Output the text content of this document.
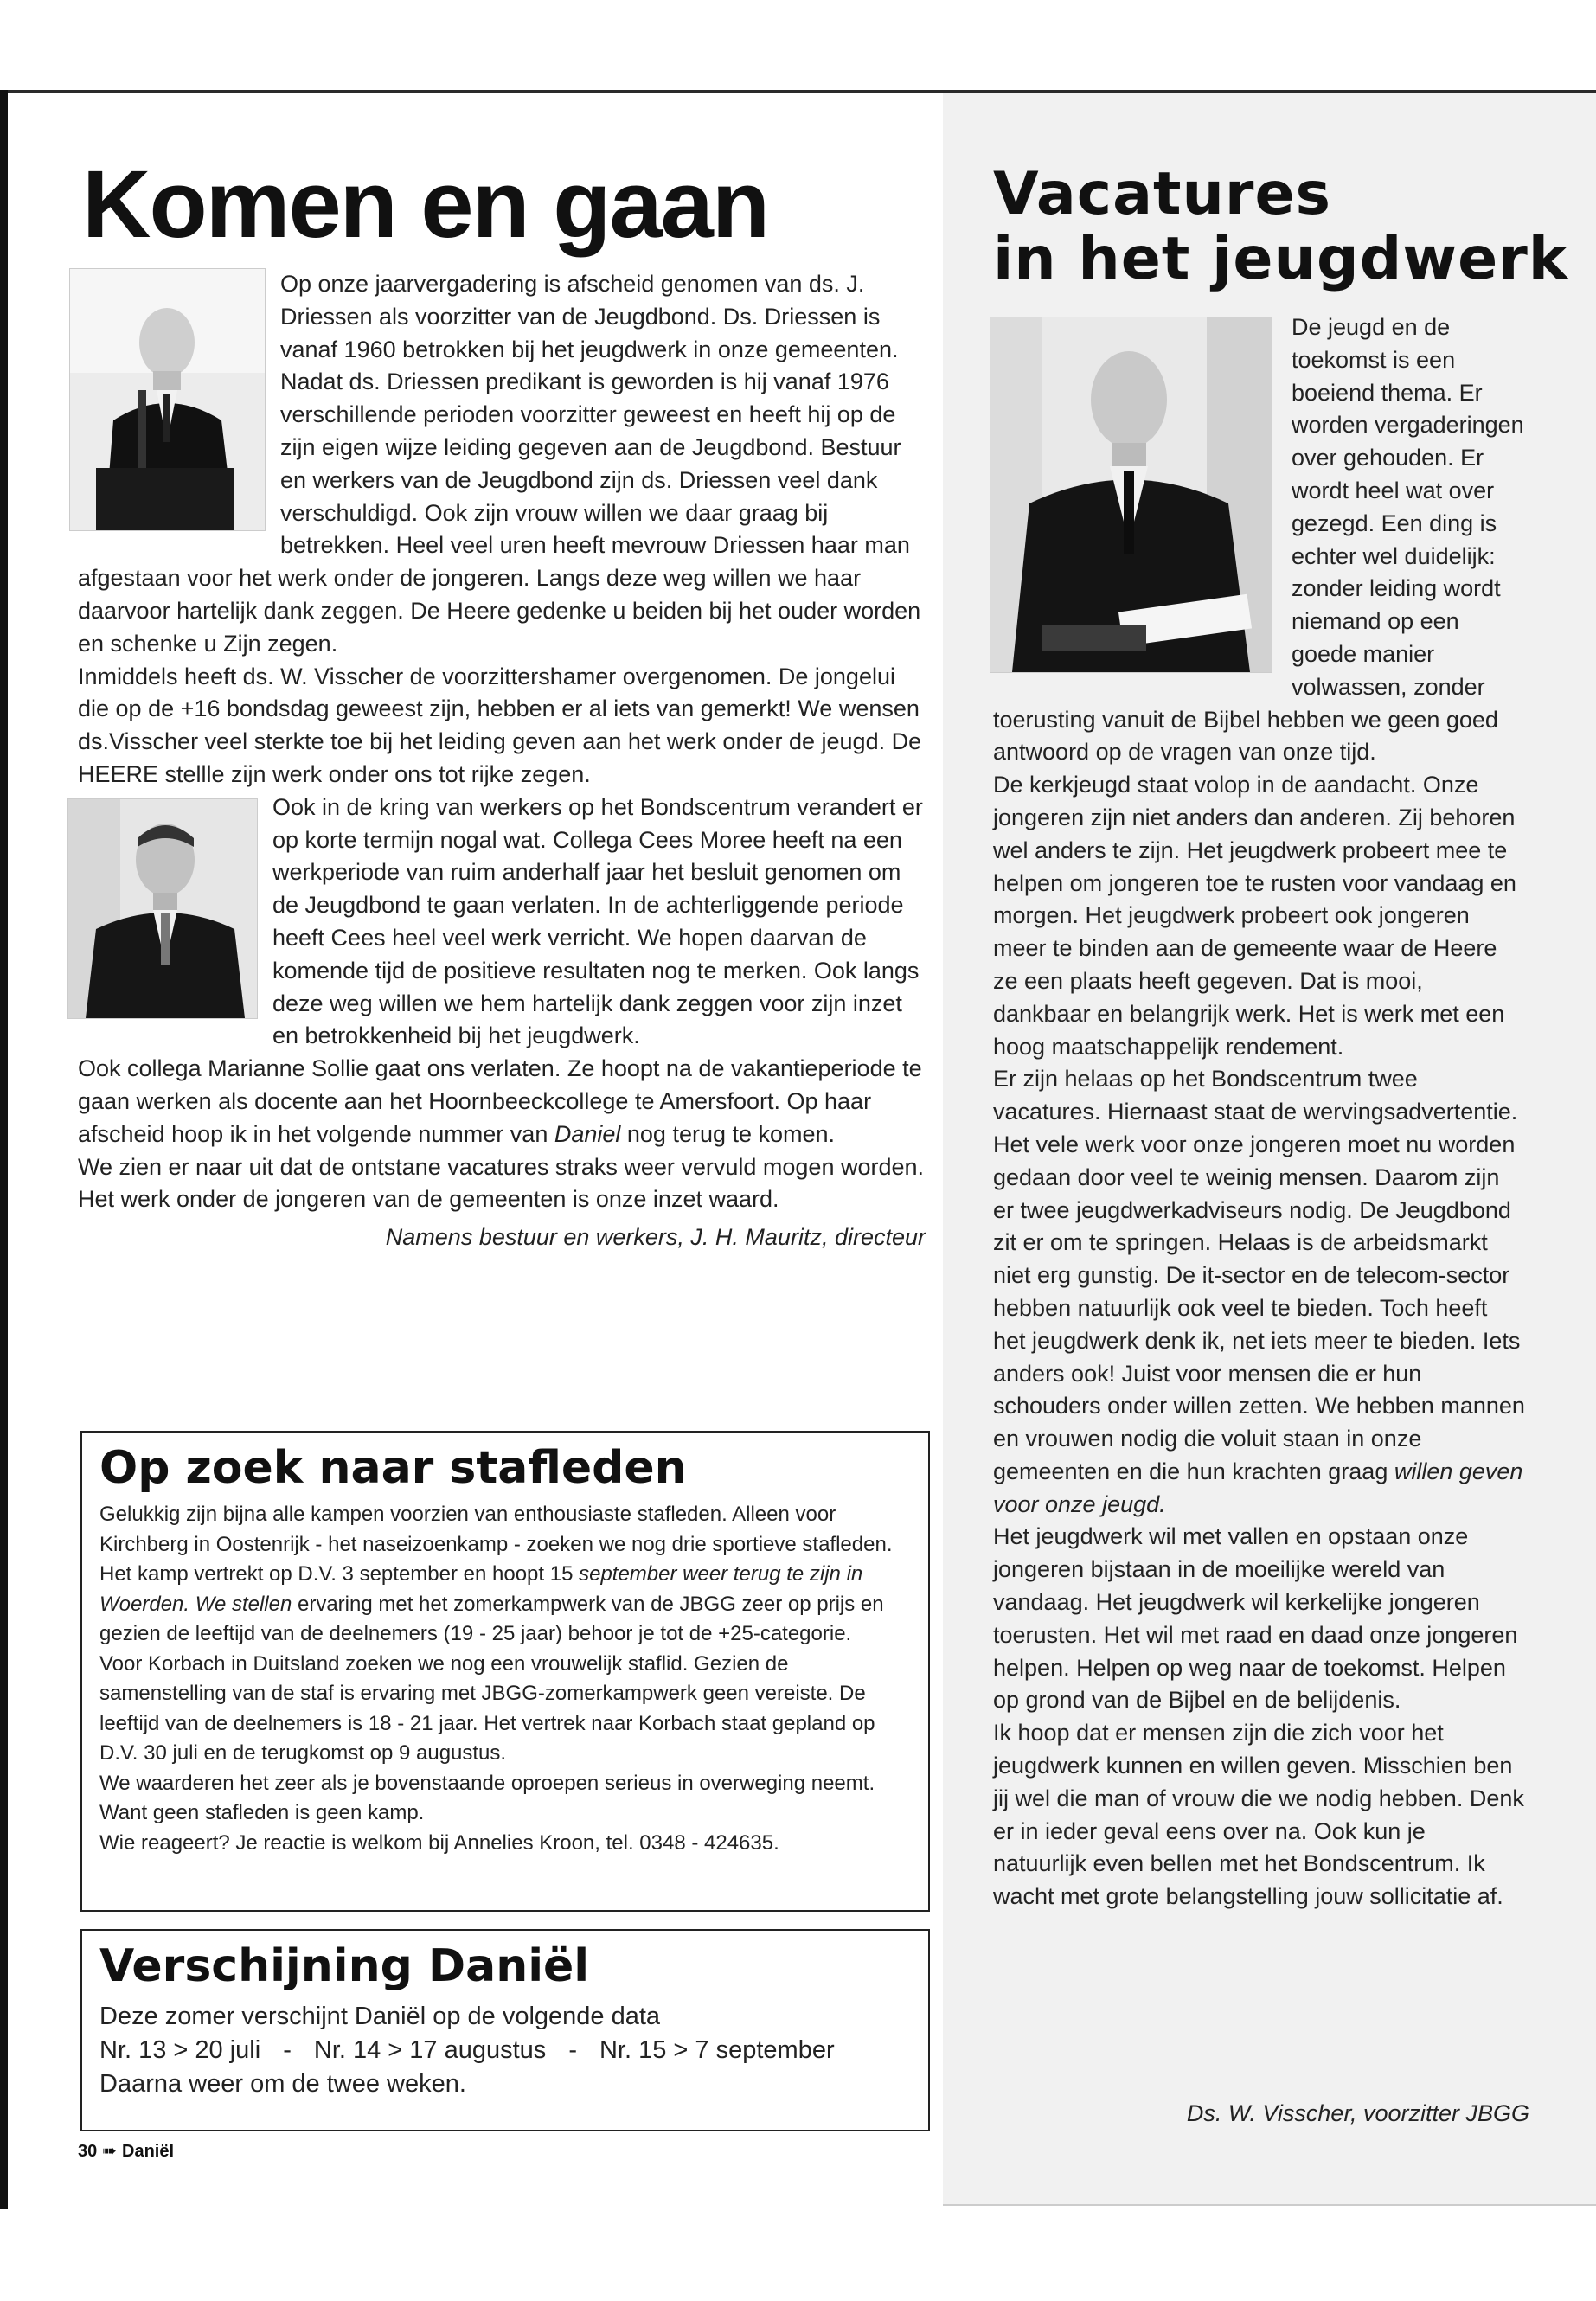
Komen en gaan

Op onze jaarvergadering is afscheid genomen van ds. J. Driessen als voorzitter van de Jeugdbond. Ds. Driessen is vanaf 1960 betrokken bij het jeugdwerk in onze gemeenten. Nadat ds. Driessen predikant is geworden is hij vanaf 1976 verschillende perioden voorzitter geweest en heeft hij op de zijn eigen wijze leiding gegeven aan de Jeugdbond. Bestuur en werkers van de Jeugdbond zijn ds. Driessen veel dank verschuldigd. Ook zijn vrouw willen we daar graag bij betrekken. Heel veel uren heeft mevrouw Driessen haar man afgestaan voor het werk onder de jongeren. Langs deze weg willen we haar daarvoor hartelijk dank zeggen. De Heere gedenke u beiden bij het ouder worden en schenke u Zijn zegen.

Inmiddels heeft ds. W. Visscher de voorzittershamer overgenomen. De jongelui die op de +16 bondsdag geweest zijn, hebben er al iets van gemerkt! We wensen ds.Visscher veel sterkte toe bij het leiding geven aan het werk onder de jeugd. De HEERE stellle zijn werk onder ons tot rijke zegen.

Ook in de kring van werkers op het Bondscentrum verandert er op korte termijn nogal wat. Collega Cees Moree heeft na een werkperiode van ruim anderhalf jaar het besluit genomen om de Jeugdbond te gaan verlaten. In de achterliggende periode heeft Cees heel veel werk verricht. We hopen daarvan de komende tijd de positieve resultaten nog te merken. Ook langs deze weg willen we hem hartelijk dank zeggen voor zijn inzet en betrokkenheid bij het jeugdwerk.

Ook collega Marianne Sollie gaat ons verlaten. Ze hoopt na de vakantieperiode te gaan werken als docente aan het Hoornbeeckcollege te Amersfoort. Op haar afscheid hoop ik in het volgende nummer van Daniel nog terug te komen.

We zien er naar uit dat de ontstane vacatures straks weer vervuld mogen worden. Het werk onder de jongeren van de gemeenten is onze inzet waard.

Namens bestuur en werkers, J. H. Mauritz, directeur

Op zoek naar stafleden

Gelukkig zijn bijna alle kampen voorzien van enthousiaste stafleden. Alleen voor Kirchberg in Oostenrijk - het naseizoenkamp - zoeken we nog drie sportieve stafleden. Het kamp vertrekt op D.V. 3 september en hoopt 15 september weer terug te zijn in Woerden. We stellen ervaring met het zomerkampwerk van de JBGG zeer op prijs en gezien de leeftijd van de deelnemers (19 - 25 jaar) behoor je tot de +25-categorie.

Voor Korbach in Duitsland zoeken we nog een vrouwelijk staflid. Gezien de samenstelling van de staf is ervaring met JBGG-zomerkampwerk geen vereiste. De leeftijd van de deelnemers is 18 - 21 jaar. Het vertrek naar Korbach staat gepland op D.V. 30 juli en de terugkomst op 9 augustus.

We waarderen het zeer als je bovenstaande oproepen serieus in overweging neemt. Want geen stafleden is geen kamp.

Wie reageert? Je reactie is welkom bij Annelies Kroon, tel. 0348 - 424635.

Verschijning Daniël

Deze zomer verschijnt Daniël op de volgende data

Nr. 13 > 20 juli - Nr. 14 > 17 augustus - Nr. 15 > 7 september

Daarna weer om de twee weken.

Vacatures
in het jeugdwerk

De jeugd en de toekomst is een boeiend thema. Er worden vergaderingen over gehouden. Er wordt heel wat over gezegd. Een ding is echter wel duidelijk: zonder leiding wordt niemand op een goede manier volwassen, zonder toerusting vanuit de Bijbel hebben we geen goed antwoord op de vragen van onze tijd.

De kerkjeugd staat volop in de aandacht. Onze jongeren zijn niet anders dan anderen. Zij behoren wel anders te zijn. Het jeugdwerk probeert mee te helpen om jongeren toe te rusten voor vandaag en morgen. Het jeugdwerk probeert ook jongeren meer te binden aan de gemeente waar de Heere ze een plaats heeft gegeven. Dat is mooi, dankbaar en belangrijk werk. Het is werk met een hoog maatschappelijk rendement.

Er zijn helaas op het Bondscentrum twee vacatures. Hiernaast staat de wervingsadvertentie. Het vele werk voor onze jongeren moet nu worden gedaan door veel te weinig mensen. Daarom zijn er twee jeugdwerkadviseurs nodig. De Jeugdbond zit er om te springen. Helaas is de arbeidsmarkt niet erg gunstig. De it-sector en de telecom-sector hebben natuurlijk ook veel te bieden. Toch heeft het jeugdwerk denk ik, net iets meer te bieden. Iets anders ook! Juist voor mensen die er hun schouders onder willen zetten. We hebben mannen en vrouwen nodig die voluit staan in onze gemeenten en die hun krachten graag willen geven voor onze jeugd.

Het jeugdwerk wil met vallen en opstaan onze jongeren bijstaan in de moeilijke wereld van vandaag. Het jeugdwerk wil kerkelijke jongeren toerusten. Het wil met raad en daad onze jongeren helpen. Helpen op weg naar de toekomst. Helpen op grond van de Bijbel en de belijdenis.

Ik hoop dat er mensen zijn die zich voor het jeugdwerk kunnen en willen geven. Misschien ben jij wel die man of vrouw die we nodig hebben. Denk er in ieder geval eens over na. Ook kun je natuurlijk even bellen met het Bondscentrum. Ik wacht met grote belangstelling jouw sollicitatie af.

Ds. W. Visscher, voorzitter JBGG
30 ➠ Daniël
